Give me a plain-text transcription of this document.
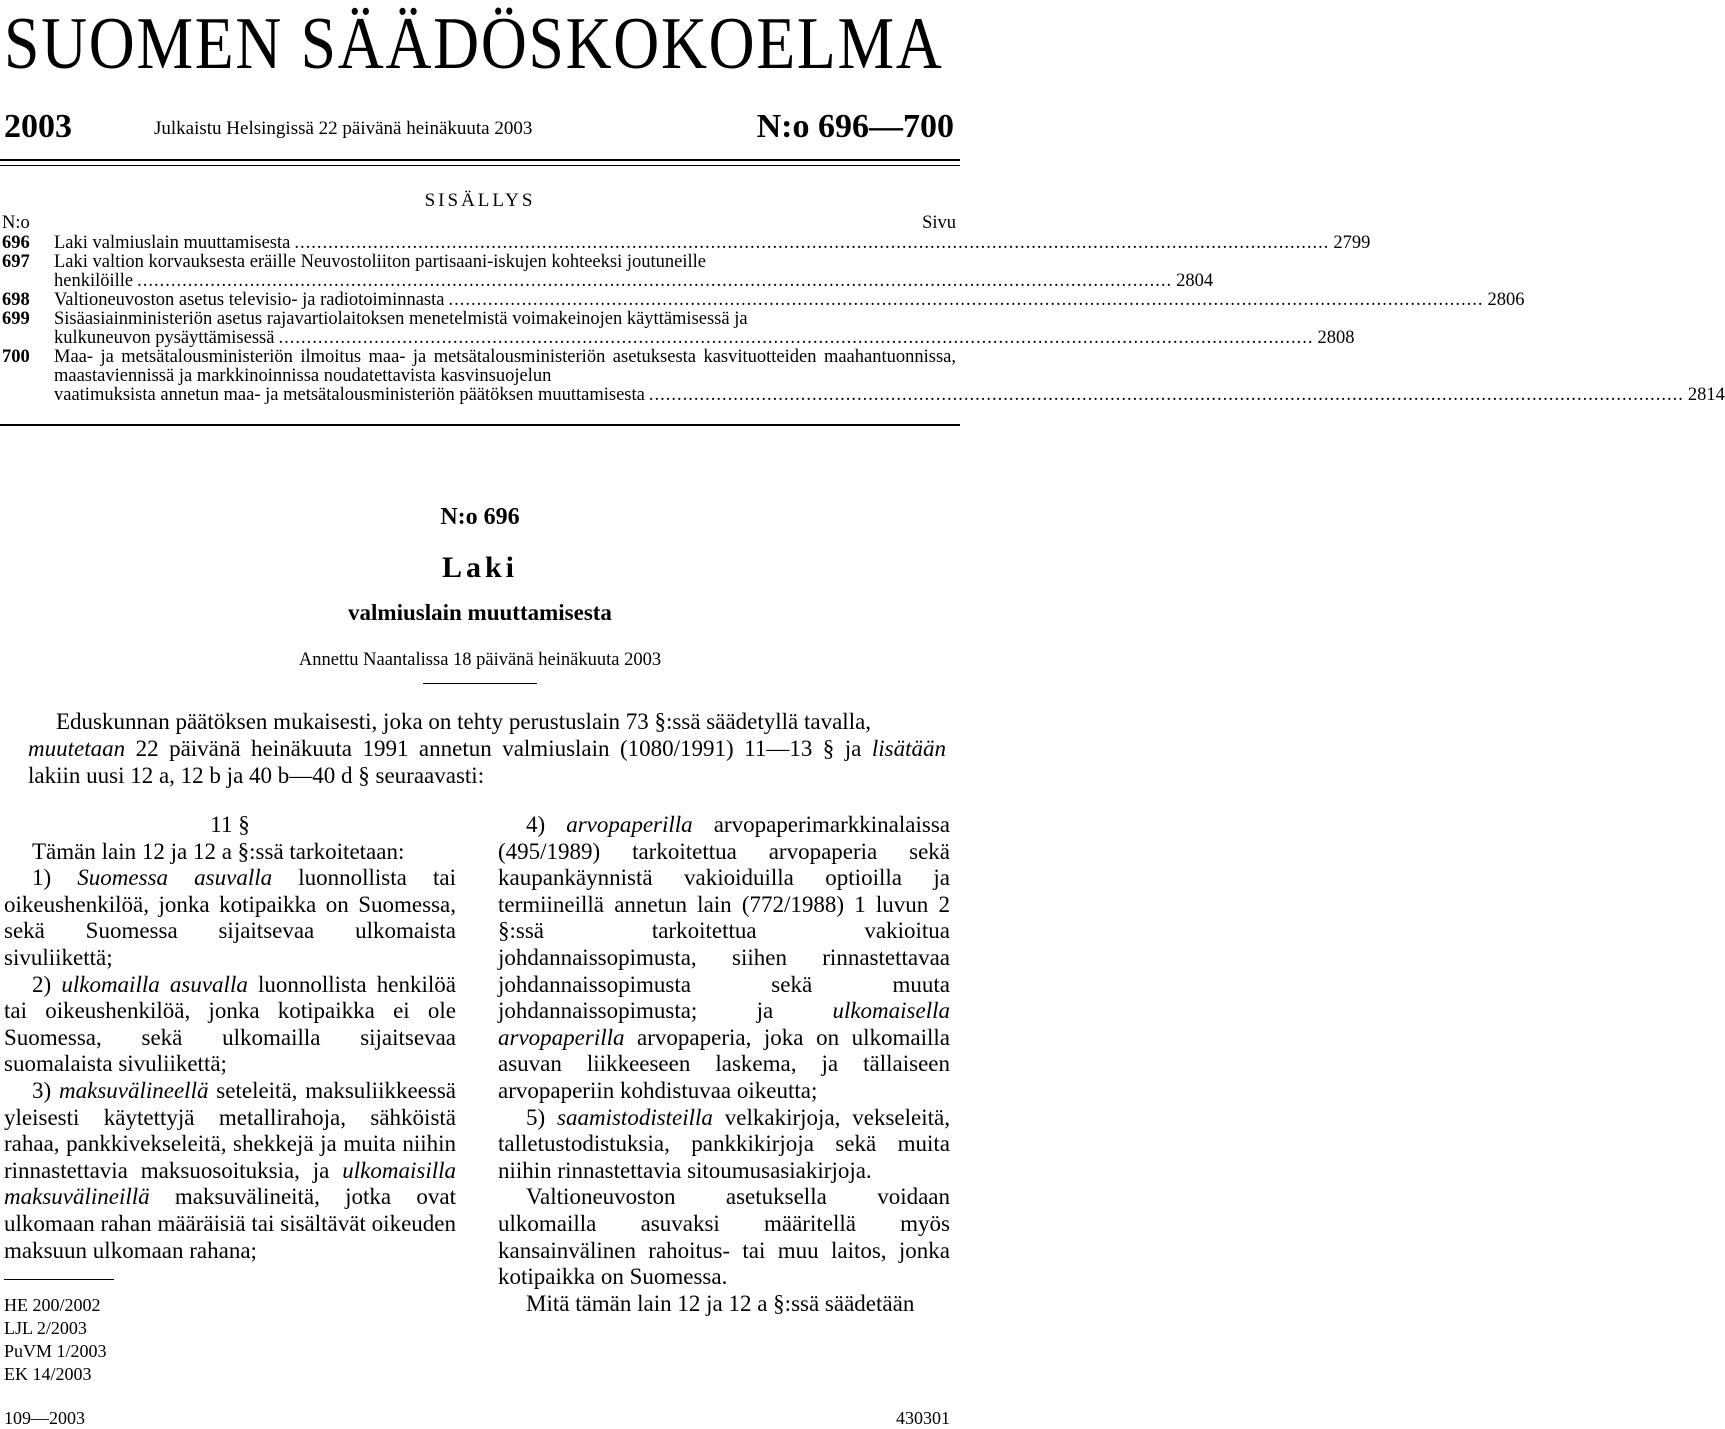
SUOMEN SÄÄDÖSKOKOELMA
2003	Julkaistu Helsingissä 22 päivänä heinäkuuta 2003	N:o 696—700
SISÄLLYS
N:o	Sivu
696 Laki valmiuslain muuttamisesta ........................................................................................................................................................................................ 2799
697 Laki valtion korvauksesta eräille Neuvostoliiton partisaani-iskujen kohteeksi joutuneille
henkilöille ........................................................................................................................................................................................ 2804
698 Valtioneuvoston asetus televisio- ja radiotoiminnasta ........................................................................................................................................................................................ 2806
699 Sisäasiainministeriön asetus rajavartiolaitoksen menetelmistä voimakeinojen käyttämisessä ja
kulkuneuvon pysäyttämisessä ........................................................................................................................................................................................ 2808
700 Maa- ja metsätalousministeriön ilmoitus maa- ja metsätalousministeriön asetuksesta kasvituotteiden maahantuonnissa, maastaviennissä ja markkinoinnissa noudatettavista kasvinsuojelun
vaatimuksista annetun maa- ja metsätalousministeriön päätöksen muuttamisesta ........................................................................................................................................................................................ 2814
N:o 696
Laki
valmiuslain muuttamisesta
Annettu Naantalissa 18 päivänä heinäkuuta 2003
Eduskunnan päätöksen mukaisesti, joka on tehty perustuslain 73 §:ssä säädetyllä tavalla, muutetaan 22 päivänä heinäkuuta 1991 annetun valmiuslain (1080/1991) 11—13 § ja lisätään lakiin uusi 12 a, 12 b ja 40 b—40 d § seuraavasti:

11 §

Tämän lain 12 ja 12 a §:ssä tarkoitetaan:

1) Suomessa asuvalla luonnollista tai oikeushenkilöä, jonka kotipaikka on Suomessa, sekä Suomessa sijaitsevaa ulkomaista sivuliikettä;

2) ulkomailla asuvalla luonnollista henkilöä tai oikeushenkilöä, jonka kotipaikka ei ole Suomessa, sekä ulkomailla sijaitsevaa suomalaista sivuliikettä;

3) maksuvälineellä seteleitä, maksuliikkeessä yleisesti käytettyjä metallirahoja, sähköistä rahaa, pankkivekseleitä, shekkejä ja muita niihin rinnastettavia maksuosoituksia, ja ulkomaisilla maksuvälineillä maksuvälineitä, jotka ovat ulkomaan rahan määräisiä tai sisältävät oikeuden maksuun ulkomaan rahana;

4) arvopaperilla arvopaperimarkkinalaissa (495/1989) tarkoitettua arvopaperia sekä kaupankäynnistä vakioiduilla optioilla ja termiineillä annetun lain (772/1988) 1 luvun 2 §:ssä tarkoitettua vakioitua johdannaissopimusta, siihen rinnastettavaa johdannaissopimusta sekä muuta johdannaissopimusta; ja ulkomaisella arvopaperilla arvopaperia, joka on ulkomailla asuvan liikkeeseen laskema, ja tällaiseen arvopaperiin kohdistuvaa oikeutta;

5) saamistodisteilla velkakirjoja, vekseleitä, talletustodistuksia, pankkikirjoja sekä muita niihin rinnastettavia sitoumusasiakirjoja.

Valtioneuvoston asetuksella voidaan ulkomailla asuvaksi määritellä myös kansainvälinen rahoitus- tai muu laitos, jonka kotipaikka on Suomessa.

Mitä tämän lain 12 ja 12 a §:ssä säädetään

HE 200/2002
LJL 2/2003
PuVM 1/2003
EK 14/2003
109—2003	430301
